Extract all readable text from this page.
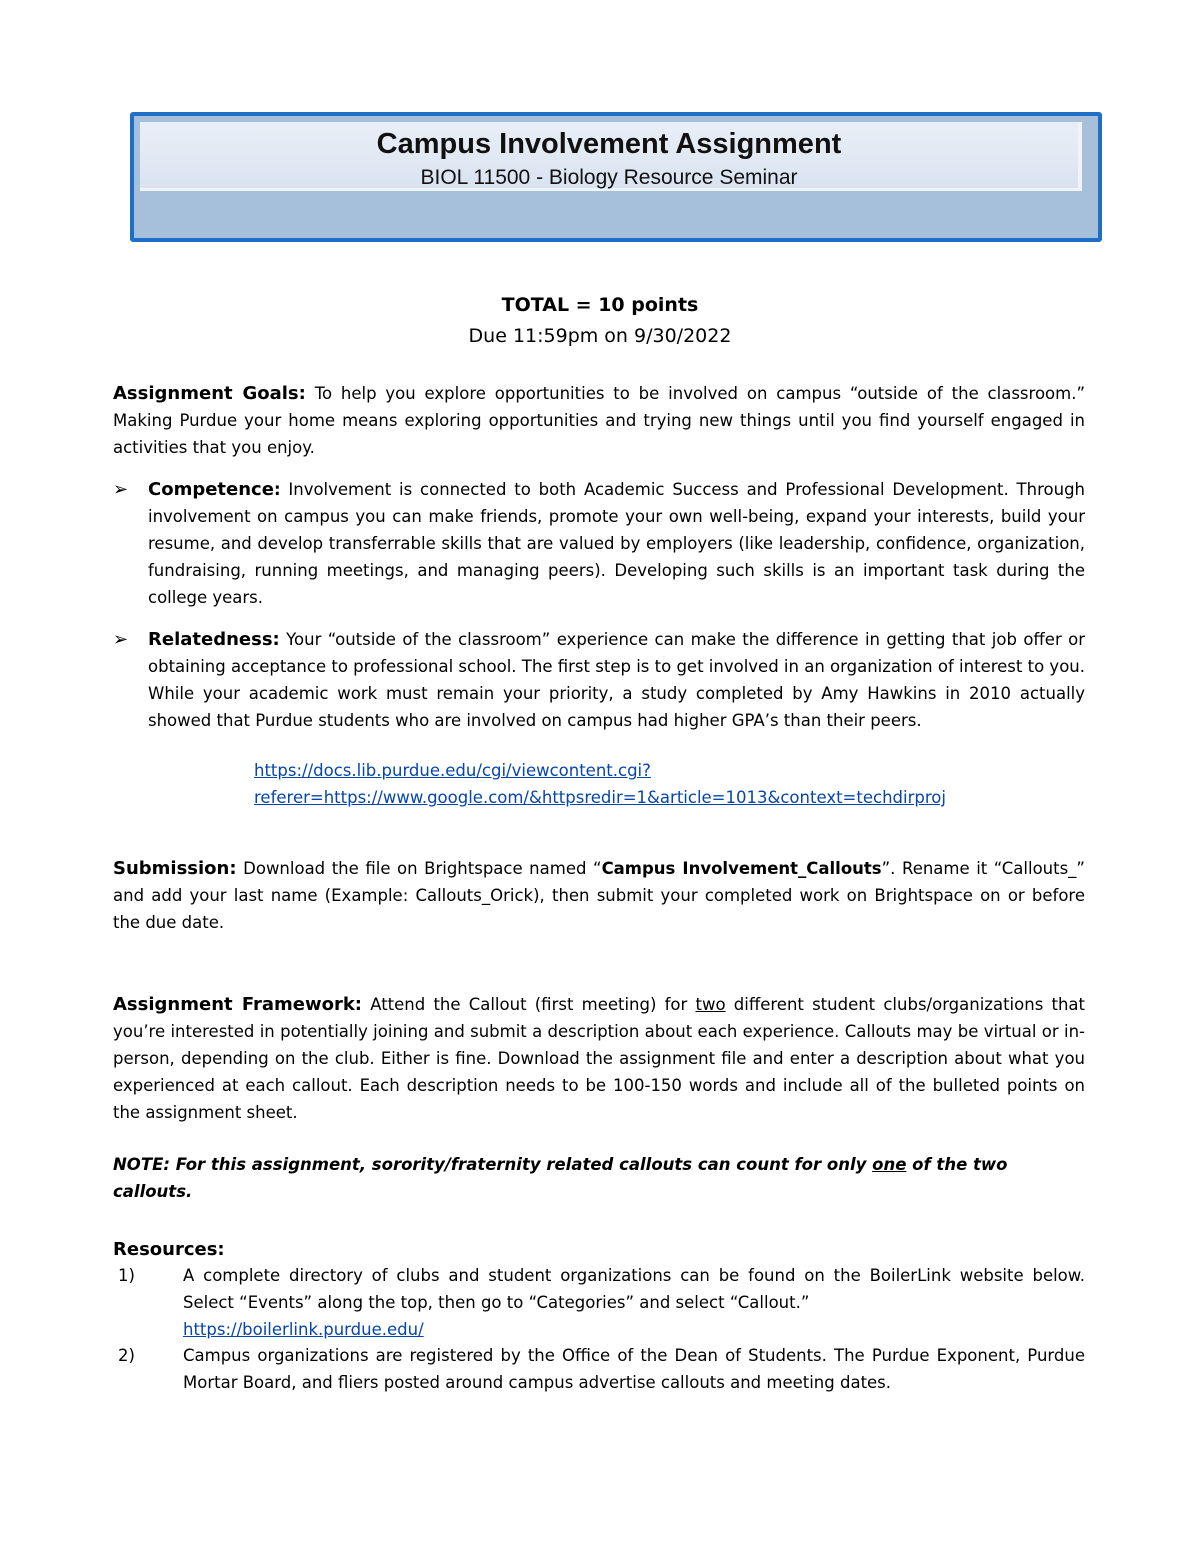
Campus Involvement Assignment
BIOL 11500 - Biology Resource Seminar
TOTAL = 10 points
Due 11:59pm on 9/30/2022
Assignment Goals: To help you explore opportunities to be involved on campus “outside of the classroom.” Making Purdue your home means exploring opportunities and trying new things until you find yourself engaged in activities that you enjoy.
➢ Competence: Involvement is connected to both Academic Success and Professional Development. Through involvement on campus you can make friends, promote your own well-being, expand your interests, build your resume, and develop transferrable skills that are valued by employers (like leadership, confidence, organization, fundraising, running meetings, and managing peers). Developing such skills is an important task during the college years.
➢ Relatedness: Your “outside of the classroom” experience can make the difference in getting that job offer or obtaining acceptance to professional school. The first step is to get involved in an organization of interest to you. While your academic work must remain your priority, a study completed by Amy Hawkins in 2010 actually showed that Purdue students who are involved on campus had higher GPA’s than their peers.
https://docs.lib.purdue.edu/cgi/viewcontent.cgi?
referer=https://www.google.com/&httpsredir=1&article=1013&context=techdirproj
Submission: Download the file on Brightspace named “Campus Involvement_Callouts”. Rename it “Callouts_” and add your last name (Example: Callouts_Orick), then submit your completed work on Brightspace on or before the due date.
Assignment Framework: Attend the Callout (first meeting) for two different student clubs/organizations that you’re interested in potentially joining and submit a description about each experience. Callouts may be virtual or in-person, depending on the club. Either is fine. Download the assignment file and enter a description about what you experienced at each callout. Each description needs to be 100-150 words and include all of the bulleted points on the assignment sheet.
NOTE: For this assignment, sorority/fraternity related callouts can count for only one of the two callouts.
Resources:
1)	A complete directory of clubs and student organizations can be found on the BoilerLink website below. Select “Events” along the top, then go to “Categories” and select “Callout.”
https://boilerlink.purdue.edu/
2)	Campus organizations are registered by the Office of the Dean of Students. The Purdue Exponent, Purdue Mortar Board, and fliers posted around campus advertise callouts and meeting dates.
